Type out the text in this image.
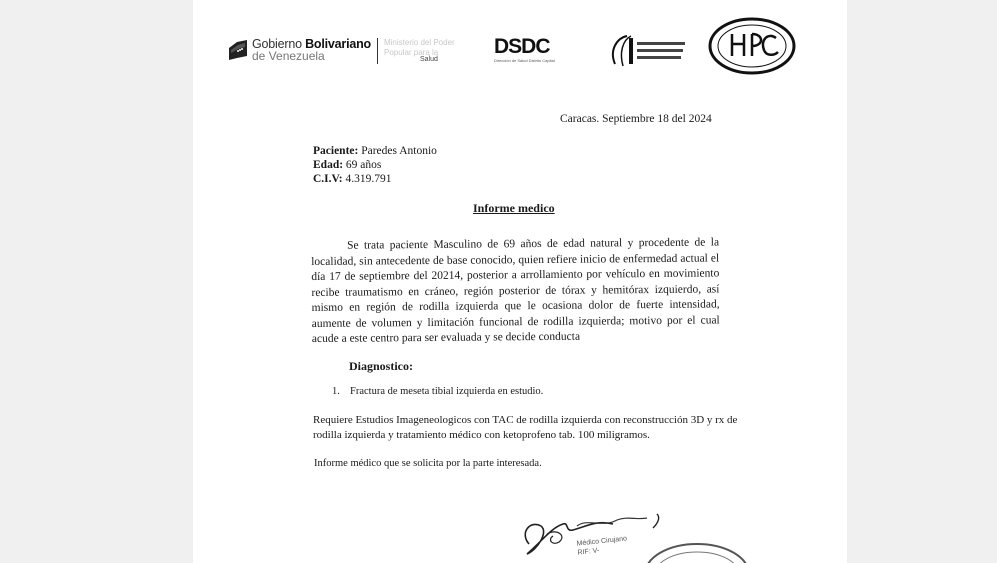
Gobierno Bolivariano
de Venezuela
Ministerio del Poder Popular para la
Salud
DSDC
Dirección de Salud Distrito Capital
Caracas. Septiembre 18 del 2024
Paciente: Paredes Antonio
Edad: 69 años
C.I.V: 4.319.791
Informe medico
Se trata paciente Masculino de 69 años de edad natural y procedente de la localidad, sin antecedente de base conocido, quien refiere inicio de enfermedad actual el día 17 de septiembre del 20214, posterior a arrollamiento por vehículo en movimiento recibe traumatismo en cráneo, región posterior de tórax y hemitórax izquierdo, así mismo en región de rodilla izquierda que le ocasiona dolor de fuerte intensidad, aumente de volumen y limitación funcional de rodilla izquierda; motivo por el cual acude a este centro para ser evaluada y se decide conducta
Diagnostico:
1. Fractura de meseta tibial izquierda en estudio.
Requiere Estudios Imageneologicos con TAC de rodilla izquierda con reconstrucción 3D y rx de rodilla izquierda y tratamiento médico con ketoprofeno tab. 100 miligramos.
Informe médico que se solicita por la parte interesada.
Médico Cirujano
RIF: V-
